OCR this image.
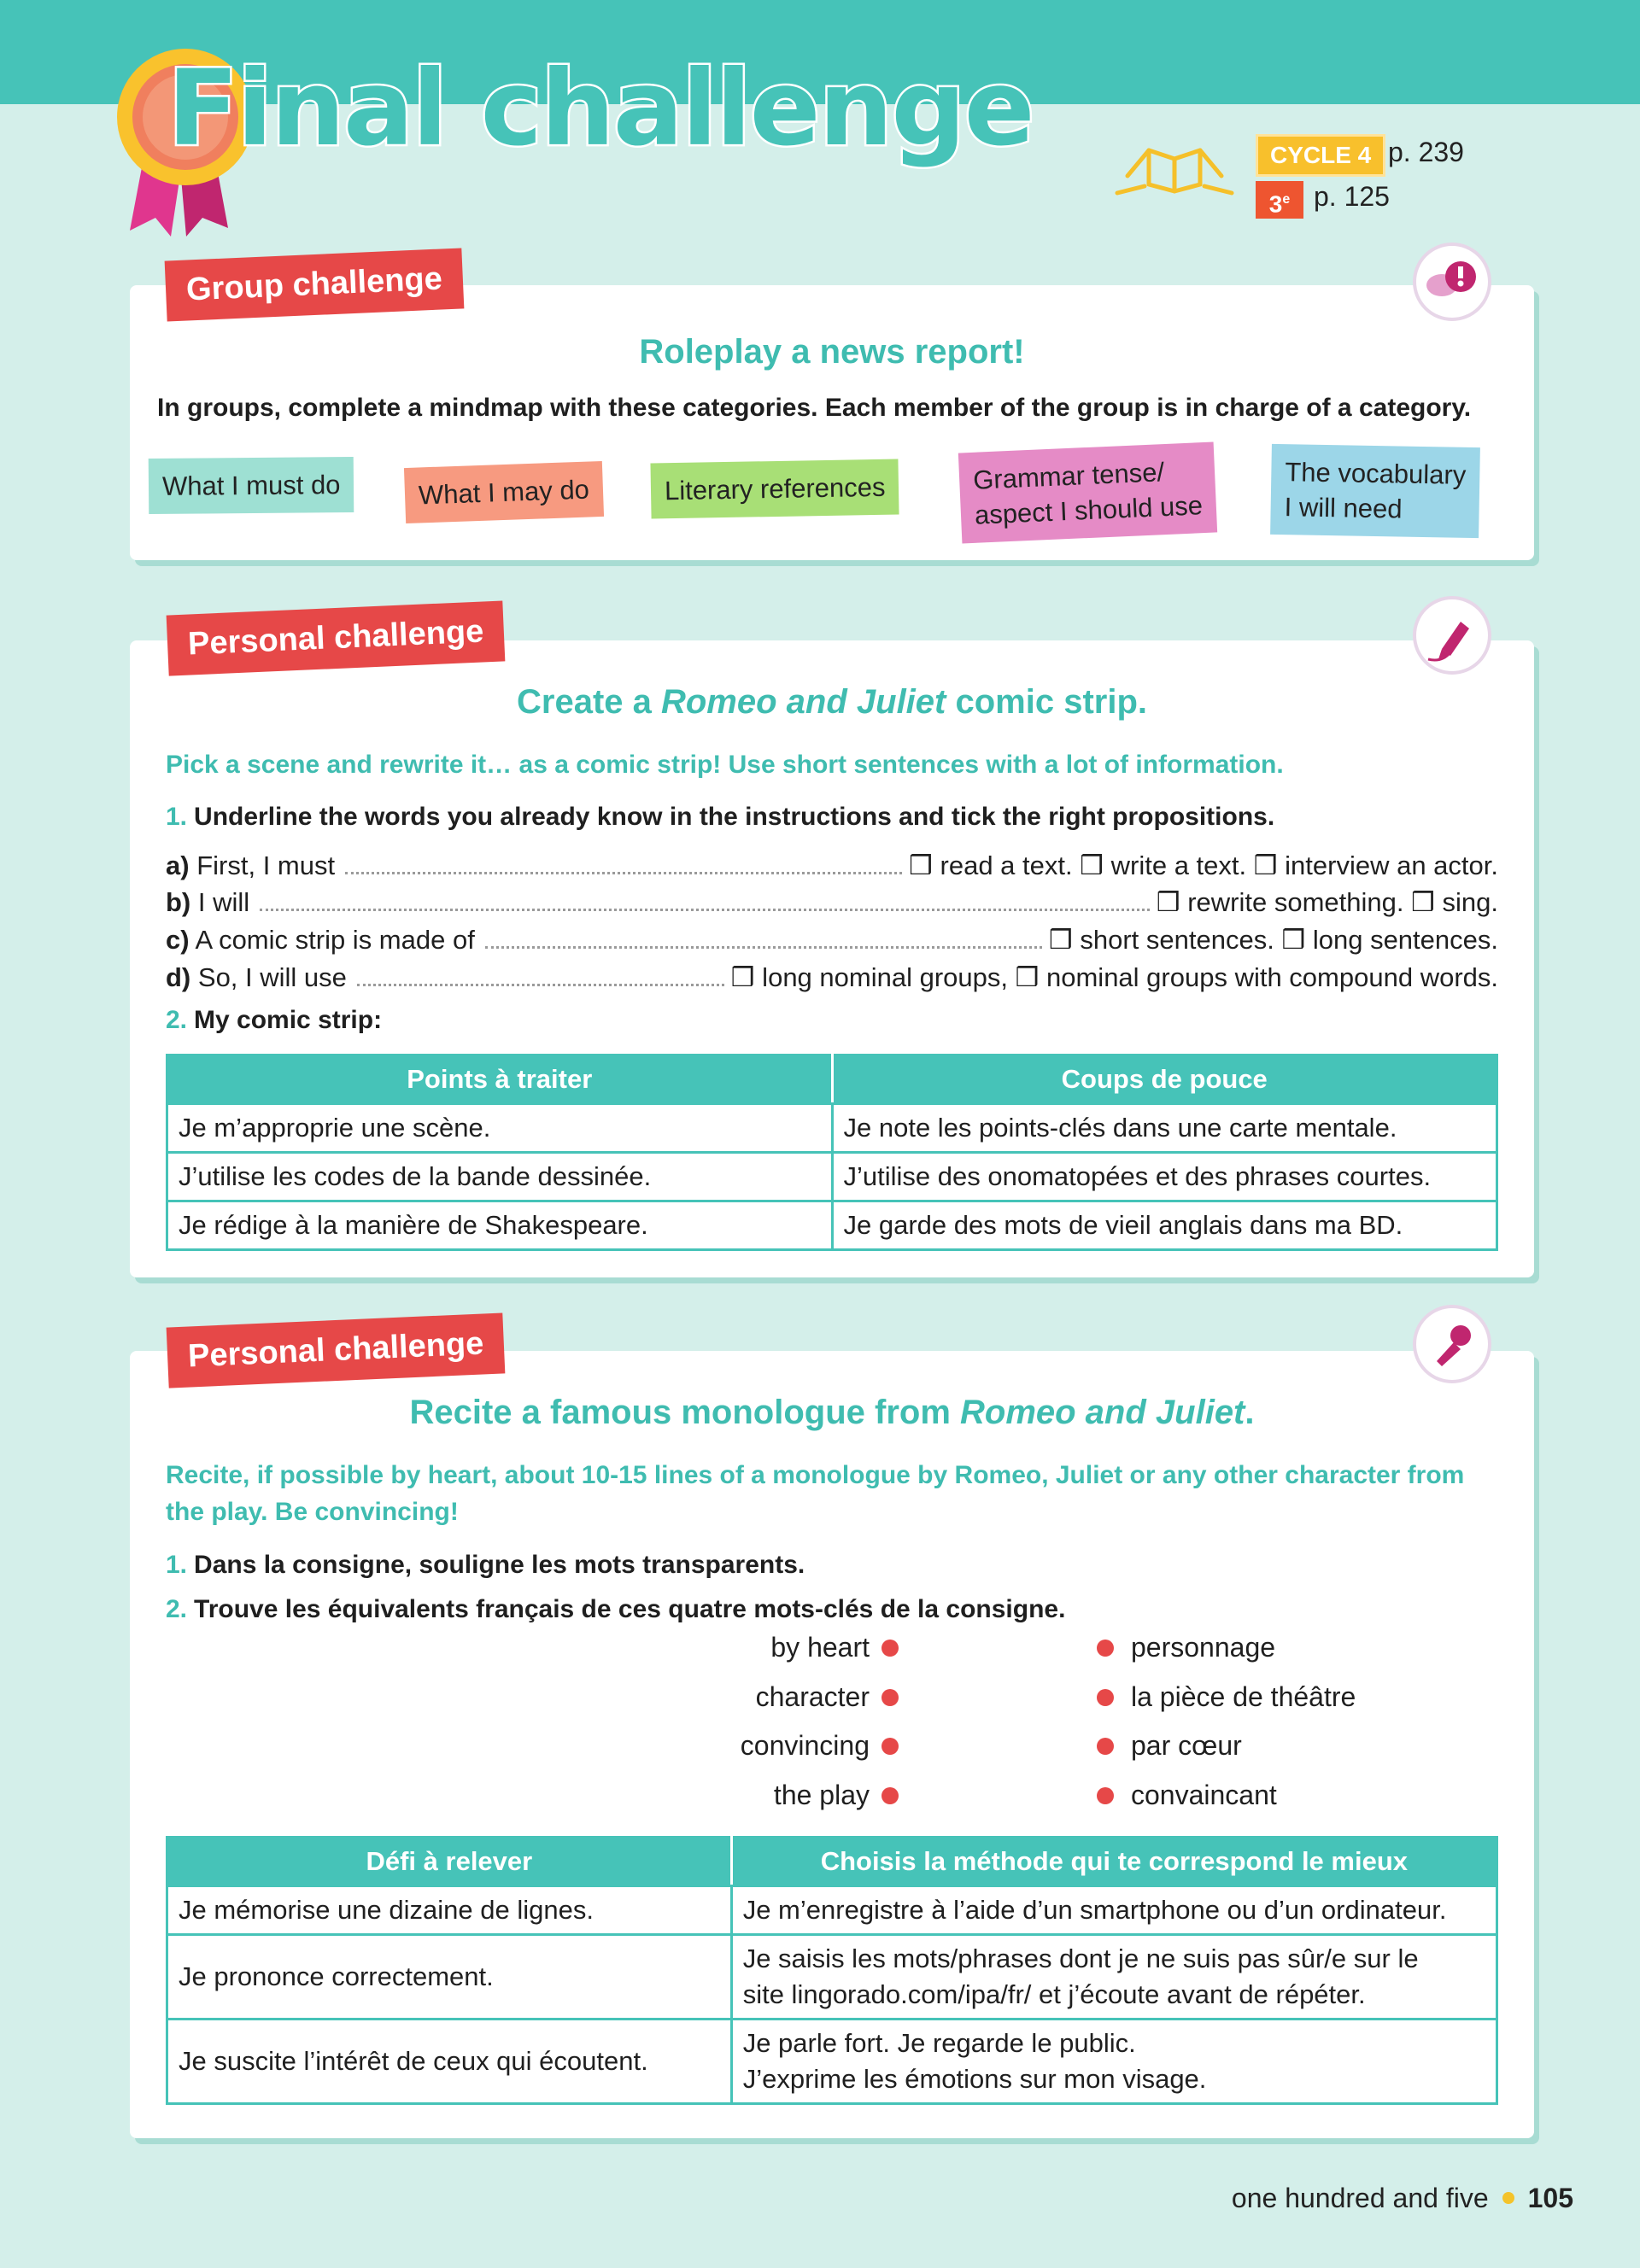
Final challenge	CYCLE 4 p. 239
3e p. 125
Group challenge
Roleplay a news report!
In groups, complete a mindmap with these categories. Each member of the group is in charge of a category.
What I must do	What I may do	Literary references	Grammar tense/
aspect I should use
The vocabulary
I will need
Personal challenge
Create a Romeo and Juliet comic strip.
Pick a scene and rewrite it… as a comic strip! Use short sentences with a lot of information.
1. Underline the words you already know in the instructions and tick the right propositions.
a) First, I must	❒ read a text. ❒ write a text. ❒ interview an actor.
b) I will	❒ rewrite something. ❒ sing.
c) A comic strip is made of	❒ short sentences. ❒ long sentences.
d) So, I will use	❒ long nominal groups, ❒ nominal groups with compound words.
2. My comic strip:
Points à traiter	Coups de pouce
Je m’approprie une scène.	Je note les points-clés dans une carte mentale.
J’utilise les codes de la bande dessinée.	J’utilise des onomatopées et des phrases courtes.
Je rédige à la manière de Shakespeare.	Je garde des mots de vieil anglais dans ma BD.
Personal challenge
Recite a famous monologue from Romeo and Juliet.
Recite, if possible by heart, about 10-15 lines of a monologue by Romeo, Juliet or any other character from the play. Be convincing!
1. Dans la consigne, souligne les mots transparents.
2. Trouve les équivalents français de ces quatre mots-clés de la consigne.
by heart
character
convincing
the play
personnage
la pièce de théâtre
par cœur
convaincant
Défi à relever	Choisis la méthode qui te correspond le mieux
Je mémorise une dizaine de lignes.	Je m’enregistre à l’aide d’un smartphone ou d’un ordinateur.

Je prononce correctement.	Je saisis les mots/phrases dont je ne suis pas sûr/e sur le
site lingorado.com/ipa/fr/ et j’écoute avant de répéter.

Je suscite l’intérêt de ceux qui écoutent.	Je parle fort. Je regarde le public.
J’exprime les émotions sur mon visage.
one hundred and five 105
